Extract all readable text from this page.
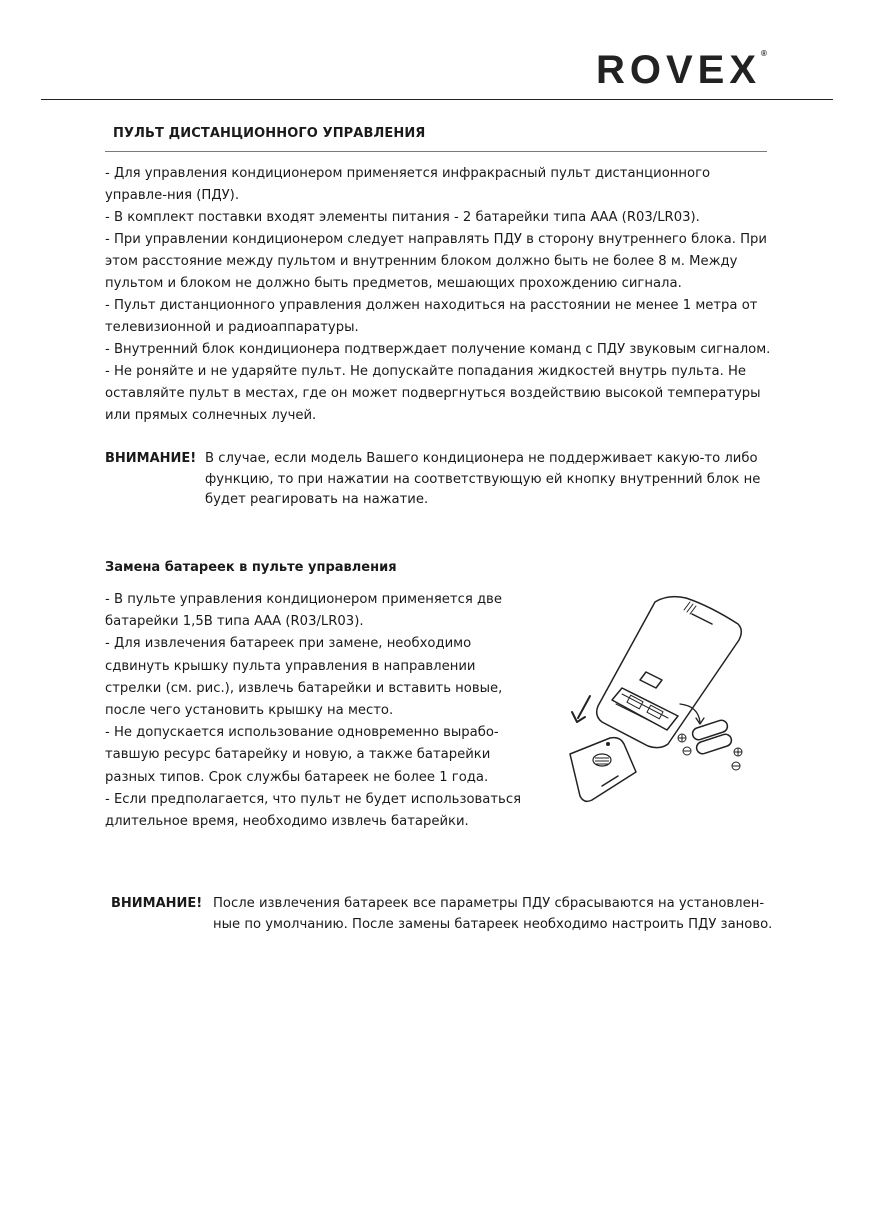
ROVEX®
ПУЛЬТ ДИСТАНЦИОННОГО УПРАВЛЕНИЯ

- Для управления кондиционером применяется инфракрасный пульт дистанционного управле-ния (ПДУ).

- В комплект поставки входят элементы питания - 2 батарейки типа ААА (R03/LR03).

- При управлении кондиционером следует направлять ПДУ в сторону внутреннего блока. При этом расстояние между пультом и внутренним блоком должно быть не более 8 м. Между пультом и блоком не должно быть предметов, мешающих прохождению сигнала.

- Пульт дистанционного управления должен находиться на расстоянии не менее 1 метра от телевизионной и радиоаппаратуры.

- Внутренний блок кондиционера подтверждает получение команд с ПДУ звуковым сигналом.

- Не роняйте и не ударяйте пульт. Не допускайте попадания жидкостей внутрь пульта. Не оставляйте пульт в местах, где он может подвергнуться воздействию высокой температуры или прямых солнечных лучей.

ВНИМАНИЕ! В случае, если модель Вашего кондиционера не поддерживает какую-то либо функцию, то при нажатии на соответствующую ей кнопку внутренний блок не будет реагировать на нажатие.
Замена батареек в пульте управления

- В пульте управления кондиционером применяется две батарейки 1,5В типа ААА (R03/LR03).

- Для извлечения батареек при замене, необходимо сдвинуть крышку пульта управления в направлении стрелки (см. рис.), извлечь батарейки и вставить новые, после чего установить крышку на место.

- Не допускается использование одновременно вырабо-тавшую ресурс батарейку и новую, а также батарейки разных типов. Срок службы батареек не более 1 года.

- Если предполагается, что пульт не будет использоваться длительное время, необходимо извлечь батарейки.

ВНИМАНИЕ! После извлечения батареек все параметры ПДУ сбрасываются на установлен-ные по умолчанию. После замены батареек необходимо настроить ПДУ заново.
